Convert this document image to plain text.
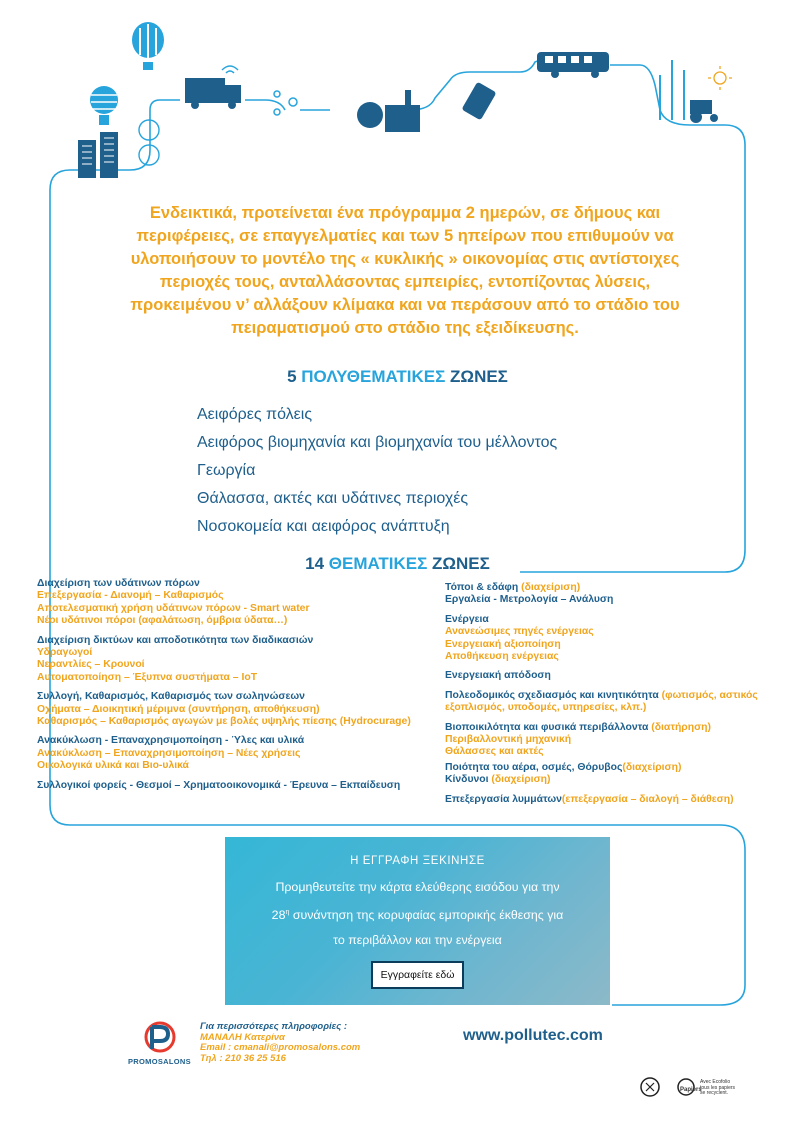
Ενδεικτικά, προτείνεται ένα πρόγραμμα 2 ημερών, σε δήμους και
περιφέρειες, σε επαγγελματίες και των 5 ηπείρων που επιθυμούν να
υλοποιήσουν το μοντέλο της « κυκλικής » οικονομίας στις αντίστοιχες
περιοχές τους, ανταλλάσοντας εμπειρίες, εντοπίζοντας λύσεις,
προκειμένου ν’ αλλάξουν κλίμακα και να περάσουν από το στάδιο του
πειραματισμού στο στάδιο της εξειδίκευσης.
5 ΠΟΛΥΘΕΜΑΤΙΚΕΣ ΖΩΝΕΣ
Αειφόρες πόλεις
Αειφόρος βιομηχανία και βιομηχανία του μέλλοντος
Γεωργία
Θάλασσα, ακτές και υδάτινες περιοχές
Νοσοκομεία και αειφόρος ανάπτυξη
14 ΘΕΜΑΤΙΚΕΣ ΖΩΝΕΣ
Διαχείριση των υδάτινων πόρων
Επεξεργασία - Διανομή – Καθαρισμός
Αποτελεσματική χρήση υδάτινων πόρων - Smart water
Νέοι υδάτινοι πόροι (αφαλάτωση, όμβρια ύδατα…)
Διαχείριση δικτύων και αποδοτικότητα των διαδικασιών
Υδραγωγοί
Νεραντλίες – Κρουνοί
Αυτοματοποίηση – Έξυπνα συστήματα – IoT
Συλλογή, Καθαρισμός, Καθαρισμός των σωληνώσεων
Οχήματα – Διοικητική μέριμνα (συντήρηση, αποθήκευση)
Καθαρισμός – Καθαρισμός αγωγών με βολές υψηλής πίεσης (Hydrocurage)
Ανακύκλωση - Επαναχρησιμοποίηση - Ύλες και υλικά
Ανακύκλωση – Επαναχρησιμοποίηση – Νέες χρήσεις
Οικολογικά υλικά και Βιο-υλικά
Συλλογικοί φορείς - Θεσμοί – Χρηματοοικονομικά - Έρευνα – Εκπαίδευση
Τόποι & εδάφη (διαχείριση)
Εργαλεία - Μετρολογία – Ανάλυση
Ενέργεια
Ανανεώσιμες πηγές ενέργειας
Ενεργειακή αξιοποίηση
Αποθήκευση ενέργειας
Ενεργειακή απόδοση
Πολεοδομικός σχεδιασμός και κινητικότητα (φωτισμός, αστικός εξοπλισμός, υποδομές, υπηρεσίες, κλπ.)
Βιοποικιλότητα και φυσικά περιβάλλοντα (διατήρηση)
Περιβαλλοντική μηχανική
Θάλασσες και ακτές
Ποιότητα του αέρα, οσμές, Θόρυβος(διαχείριση)
Κίνδυνοι (διαχείριση)
Επεξεργασία λυμμάτων(επεξεργασία – διαλογή – διάθεση)
Η ΕΓΓΡΑΦΗ ΞΕΚΙΝΗΣΕ
Προμηθευτείτε την κάρτα ελεύθερης εισόδου για την
$28^\eta$ συνάντηση της κορυφαίας εμπορικής έκθεσης για
το περιβάλλον και την ενέργεια
Εγγραφείτε εδώ
PROMOSALONS
Για περισσότερες πληροφορίες :
ΜΑΝΑΛΗ Κατερίνα
Email : cmanali@promosalons.com
Τηλ : 210 36 25 516
www.pollutec.com
Papiers
Avec Ecofolio tous les papiers se recyclent.
